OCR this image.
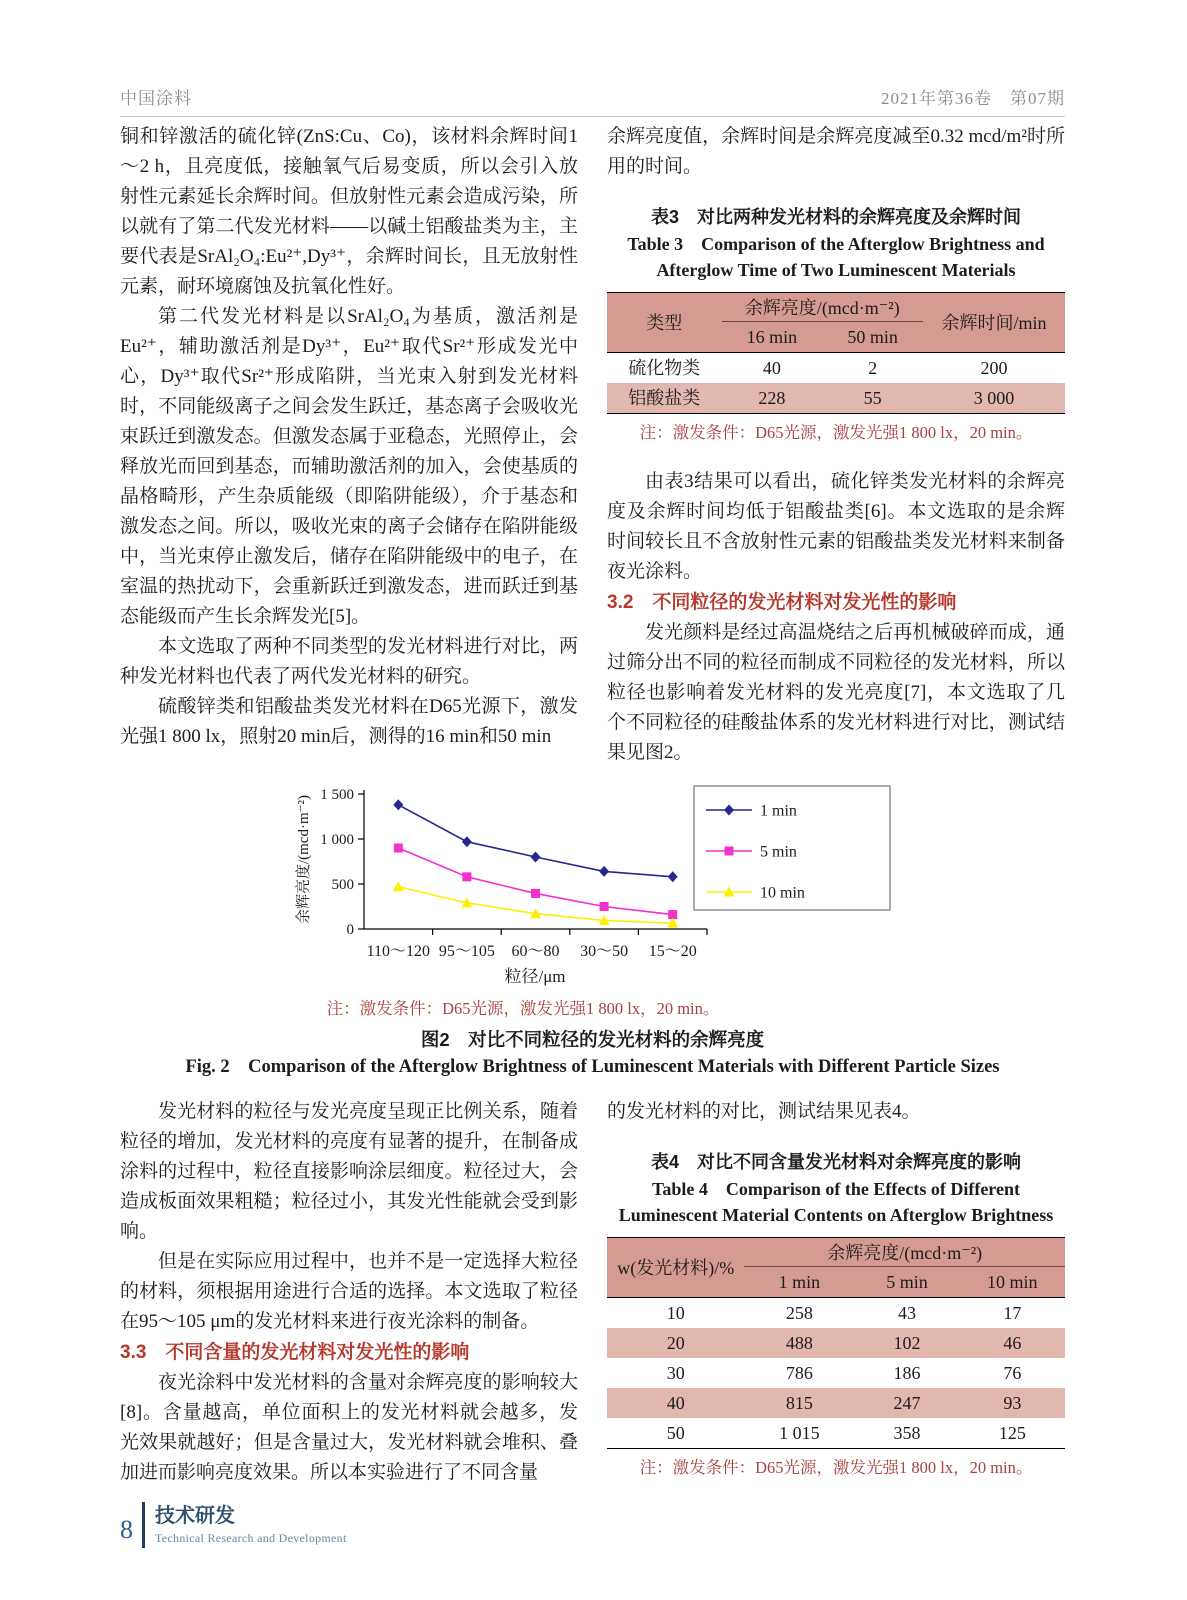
中国涂料	2021年第36卷　第07期

铜和锌激活的硫化锌(ZnS:Cu、Co)，该材料余辉时间1～2 h，且亮度低，接触氧气后易变质，所以会引入放射性元素延长余辉时间。但放射性元素会造成污染，所以就有了第二代发光材料——以碱土铝酸盐类为主，主要代表是SrAl₂O₄:Eu²⁺,Dy³⁺，余辉时间长，且无放射性元素，耐环境腐蚀及抗氧化性好。

第二代发光材料是以SrAl₂O₄为基质，激活剂是Eu²⁺，辅助激活剂是Dy³⁺，Eu²⁺取代Sr²⁺形成发光中心，Dy³⁺取代Sr²⁺形成陷阱，当光束入射到发光材料时，不同能级离子之间会发生跃迁，基态离子会吸收光束跃迁到激发态。但激发态属于亚稳态，光照停止，会释放光而回到基态，而辅助激活剂的加入，会使基质的晶格畸形，产生杂质能级（即陷阱能级），介于基态和激发态之间。所以，吸收光束的离子会储存在陷阱能级中，当光束停止激发后，储存在陷阱能级中的电子，在室温的热扰动下，会重新跃迁到激发态，进而跃迁到基态能级而产生长余辉发光[5]。

本文选取了两种不同类型的发光材料进行对比，两种发光材料也代表了两代发光材料的研究。

硫酸锌类和铝酸盐类发光材料在D65光源下，激发光强1 800 lx，照射20 min后，测得的16 min和50 min

余辉亮度值，余辉时间是余辉亮度减至0.32 mcd/m²时所用的时间。

表3　对比两种发光材料的余辉亮度及余辉时间
Table 3　Comparison of the Afterglow Brightness and
Afterglow Time of Two Luminescent Materials
类型	余辉亮度/(mcd·m⁻²)		余辉时间/min
	16 min	50 min	
硫化物类	40	2	200
铝酸盐类	228	55	3 000
注：激发条件：D65光源，激发光强1 800 lx，20 min。

由表3结果可以看出，硫化锌类发光材料的余辉亮度及余辉时间均低于铝酸盐类[6]。本文选取的是余辉时间较长且不含放射性元素的铝酸盐类发光材料来制备夜光涂料。

3.2　不同粒径的发光材料对发光性的影响

发光颜料是经过高温烧结之后再机械破碎而成，通过筛分出不同的粒径而制成不同粒径的发光材料，所以粒径也影响着发光材料的发光亮度[7]，本文选取了几个不同粒径的硅酸盐体系的发光材料进行对比，测试结果见图2。

0
500
1 000
1 500
110～120 95～105 60～80 30～50 15～20
余辉亮度/(mcd·m⁻²)	1 min
5 min
10 min
粒径/μm
注：激发条件：D65光源，激发光强1 800 lx，20 min。
图2　对比不同粒径的发光材料的余辉亮度
Fig. 2　Comparison of the Afterglow Brightness of Luminescent Materials with Different Particle Sizes

发光材料的粒径与发光亮度呈现正比例关系，随着粒径的增加，发光材料的亮度有显著的提升，在制备成涂料的过程中，粒径直接影响涂层细度。粒径过大，会造成板面效果粗糙；粒径过小，其发光性能就会受到影响。

但是在实际应用过程中，也并不是一定选择大粒径的材料，须根据用途进行合适的选择。本文选取了粒径在95～105 μm的发光材料来进行夜光涂料的制备。

3.3　不同含量的发光材料对发光性的影响

夜光涂料中发光材料的含量对余辉亮度的影响较大[8]。含量越高，单位面积上的发光材料就会越多，发光效果就越好；但是含量过大，发光材料就会堆积、叠加进而影响亮度效果。所以本实验进行了不同含量

的发光材料的对比，测试结果见表4。

表4　对比不同含量发光材料对余辉亮度的影响
Table 4　Comparison of the Effects of Different
Luminescent Material Contents on Afterglow Brightness
w(发光材料)/%	余辉亮度/(mcd·m⁻²)		
	1 min	5 min	10 min
10	258	43	17
20	488	102	46
30	786	186	76
40	815	247	93
50	1 015	358	125
注：激发条件：D65光源，激发光强1 800 lx，20 min。
8 技术研发
Technical Research and Development
